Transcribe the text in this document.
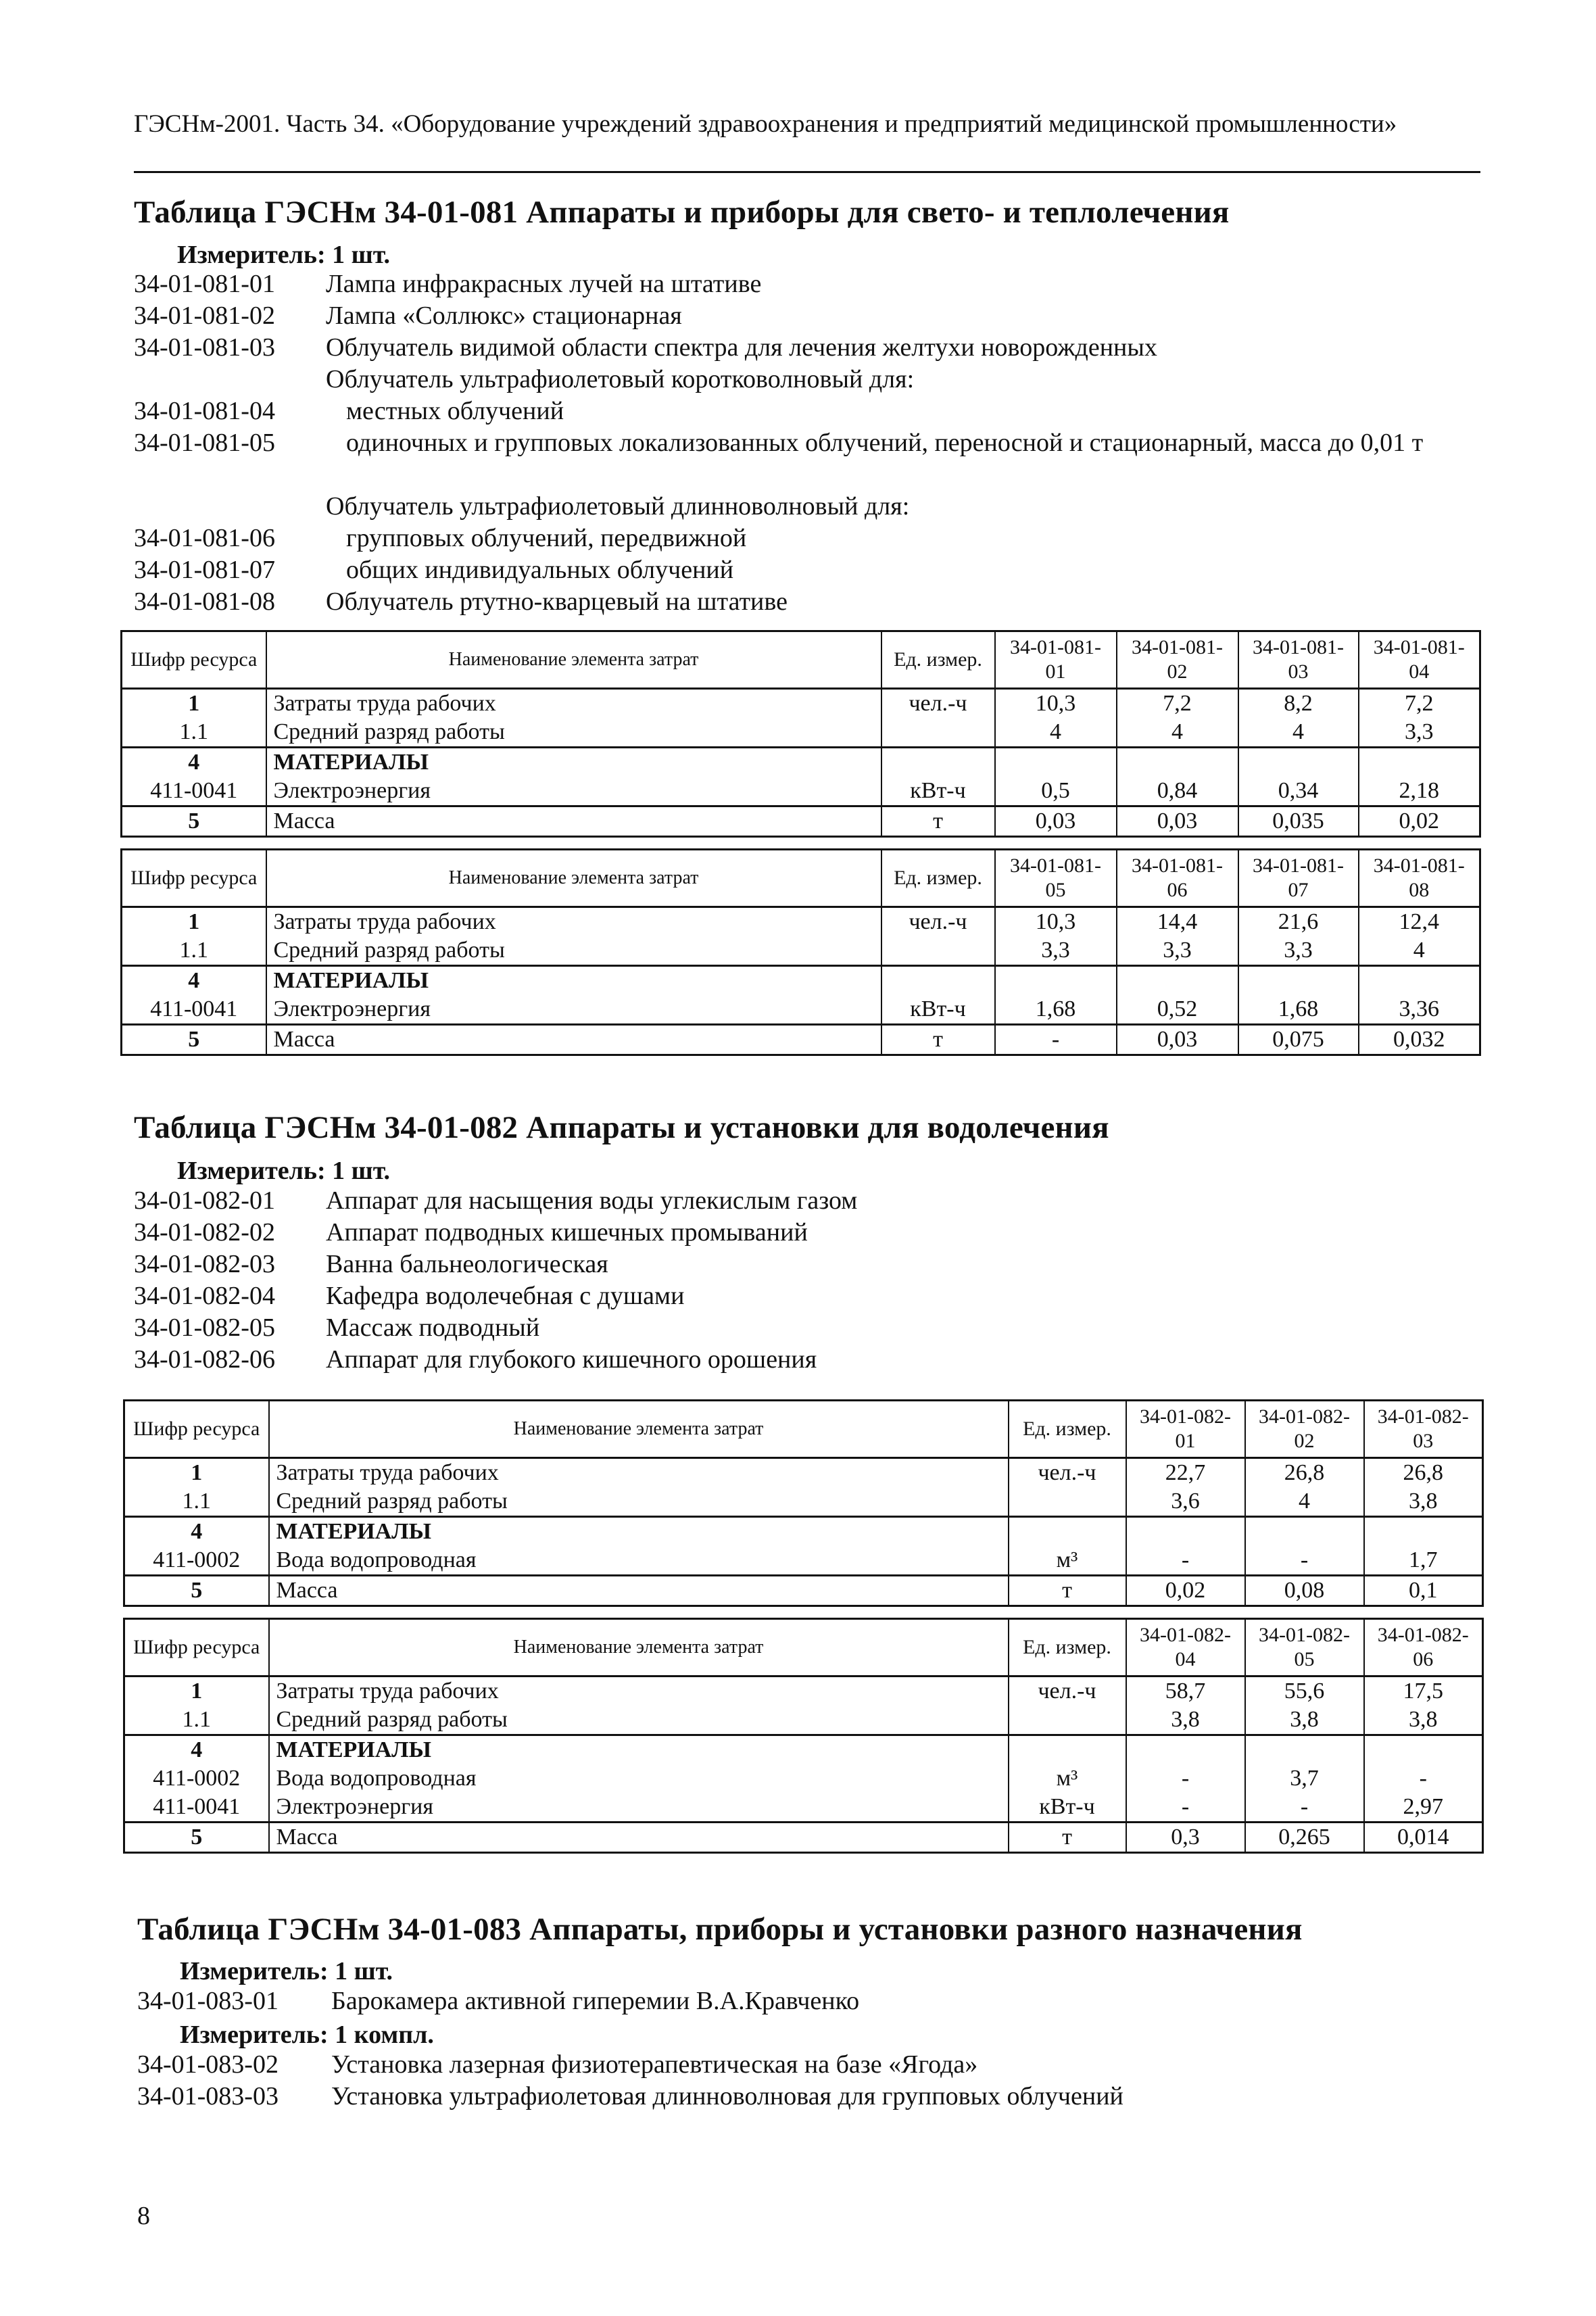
ГЭСНм-2001. Часть 34. «Оборудование учреждений здравоохранения и предприятий медицинской промышленности»
Таблица ГЭСНм 34-01-081 Аппараты и приборы для свето- и теплолечения
Измеритель: 1 шт.
34-01-081-01 Лампа инфракрасных лучей на штативе
34-01-081-02 Лампа «Соллюкс» стационарная
34-01-081-03 Облучатель видимой области спектра для лечения желтухи новорожденных
Облучатель ультрафиолетовый коротковолновый для:
34-01-081-04	местных облучений
34-01-081-05	одиночных и групповых локализованных облучений, переносной и стационарный, масса до 0,01 т
Облучатель ультрафиолетовый длинноволновый для:
34-01-081-06	групповых облучений, передвижной
34-01-081-07	общих индивидуальных облучений
34-01-081-08 Облучатель ртутно-кварцевый на штативе
Шифр ресурса	Наименование элемента затрат	Ед. измер.	34-01-081-01	34-01-081-02	34-01-081-03	34-01-081-04
1	Затраты труда рабочих	чел.-ч	10,3	7,2	8,2	7,2
1.1	Средний разряд работы		4	4	4	3,3
4	МАТЕРИАЛЫ					
411-0041	Электроэнергия	кВт-ч	0,5	0,84	0,34	2,18
5	Масса	т	0,03	0,03	0,035	0,02
Шифр ресурса	Наименование элемента затрат	Ед. измер.	34-01-081-05	34-01-081-06	34-01-081-07	34-01-081-08
1	Затраты труда рабочих	чел.-ч	10,3	14,4	21,6	12,4
1.1	Средний разряд работы		3,3	3,3	3,3	4
4	МАТЕРИАЛЫ					
411-0041	Электроэнергия	кВт-ч	1,68	0,52	1,68	3,36
5	Масса	т	-	0,03	0,075	0,032
Таблица ГЭСНм 34-01-082 Аппараты и установки для водолечения
Измеритель: 1 шт.
34-01-082-01 Аппарат для насыщения воды углекислым газом
34-01-082-02 Аппарат подводных кишечных промываний
34-01-082-03 Ванна бальнеологическая
34-01-082-04 Кафедра водолечебная с душами
34-01-082-05 Массаж подводный
34-01-082-06 Аппарат для глубокого кишечного орошения
Шифр ресурса	Наименование элемента затрат	Ед. измер.	34-01-082-01	34-01-082-02	34-01-082-03
1	Затраты труда рабочих	чел.-ч	22,7	26,8	26,8
1.1	Средний разряд работы		3,6	4	3,8
4	МАТЕРИАЛЫ				
411-0002	Вода водопроводная	м³	-	-	1,7
5	Масса	т	0,02	0,08	0,1
Шифр ресурса	Наименование элемента затрат	Ед. измер.	34-01-082-04	34-01-082-05	34-01-082-06
1	Затраты труда рабочих	чел.-ч	58,7	55,6	17,5
1.1	Средний разряд работы		3,8	3,8	3,8
4	МАТЕРИАЛЫ				
411-0002	Вода водопроводная	м³	-	3,7	-
411-0041	Электроэнергия	кВт-ч	-	-	2,97
5	Масса	т	0,3	0,265	0,014
Таблица ГЭСНм 34-01-083 Аппараты, приборы и установки разного назначения
Измеритель: 1 шт.
34-01-083-01 Барокамера активной гиперемии В.А.Кравченко
Измеритель: 1 компл.
34-01-083-02 Установка лазерная физиотерапевтическая на базе «Ягода»
34-01-083-03 Установка ультрафиолетовая длинноволновая для групповых облучений
8
